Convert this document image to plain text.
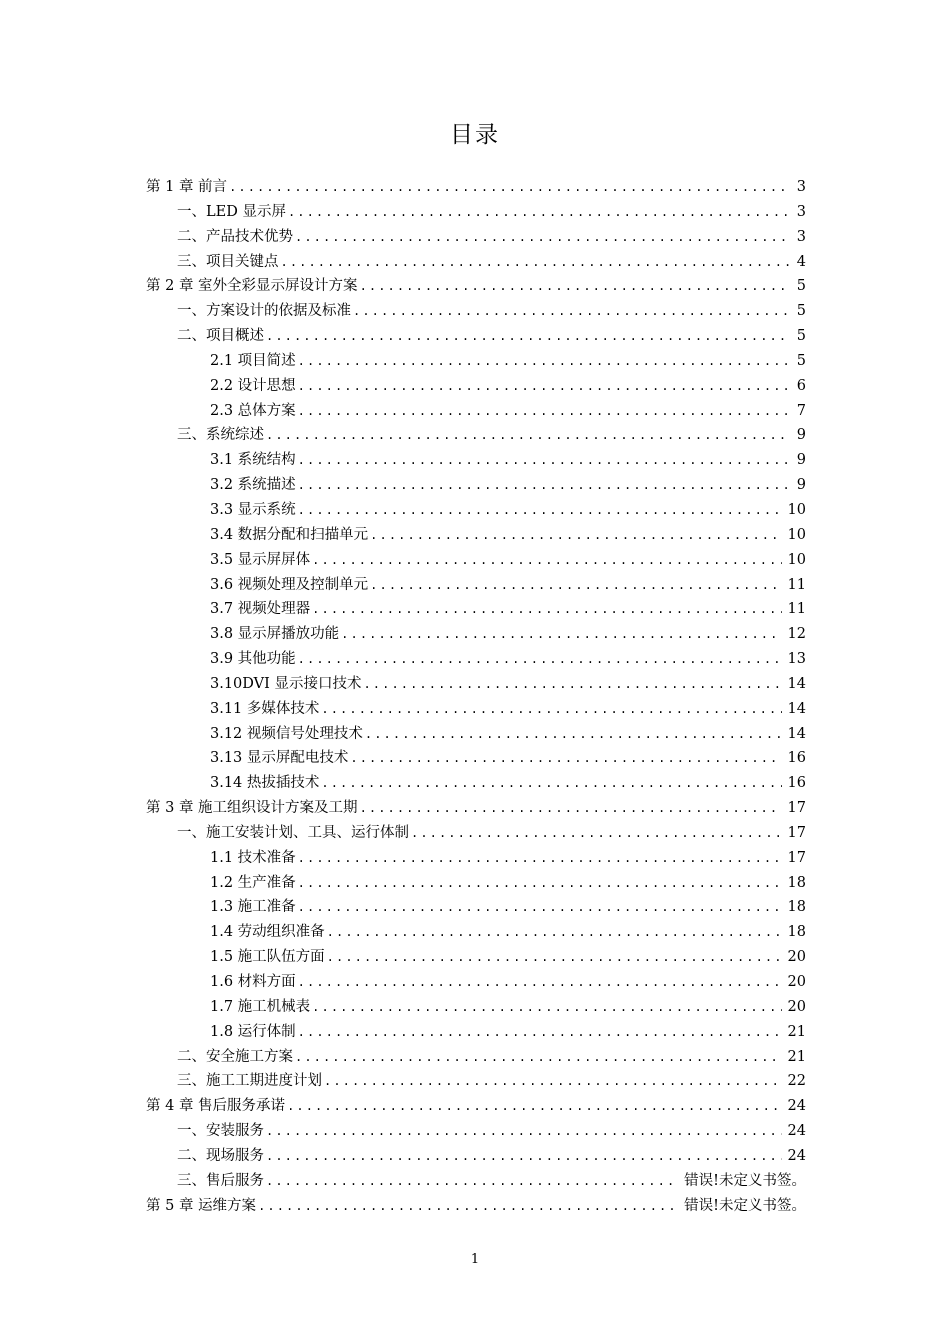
目录
第 1 章 前言 .....	3
一、LED 显示屏 .....	3
二、产品技术优势 .....	3
三、项目关键点 .....	4
第 2 章 室外全彩显示屏设计方案 .....	5
一、方案设计的依据及标准 .....	5
二、项目概述 .....	5
2.1 项目简述 .....	5
2.2 设计思想 .....	6
2.3 总体方案 .....	7
三、系统综述 .....	9
3.1 系统结构 .....	9
3.2 系统描述 .....	9
3.3 显示系统 .....	10
3.4 数据分配和扫描单元 .....	10
3.5 显示屏屏体 .....	10
3.6 视频处理及控制单元 .....	11
3.7 视频处理器 .....	11
3.8 显示屏播放功能 .....	12
3.9 其他功能 .....	13
3.10DVI 显示接口技术 .....	14
3.11 多媒体技术 .....	14
3.12 视频信号处理技术 .....	14
3.13 显示屏配电技术 .....	16
3.14 热拔插技术 .....	16
第 3 章 施工组织设计方案及工期 .....	17
一、施工安装计划、工具、运行体制 .....	17
1.1 技术准备 .....	17
1.2 生产准备 .....	18
1.3 施工准备 .....	18
1.4 劳动组织准备 .....	18
1.5 施工队伍方面 .....	20
1.6 材料方面 .....	20
1.7 施工机械表 .....	20
1.8 运行体制 .....	21
二、安全施工方案 .....	21
三、施工工期进度计划 .....	22
第 4 章 售后服务承诺 .....	24
一、安装服务 .....	24
二、现场服务 .....	24
三、售后服务 .....	错误!未定义书签。
第 5 章 运维方案 .....	错误!未定义书签。
1
